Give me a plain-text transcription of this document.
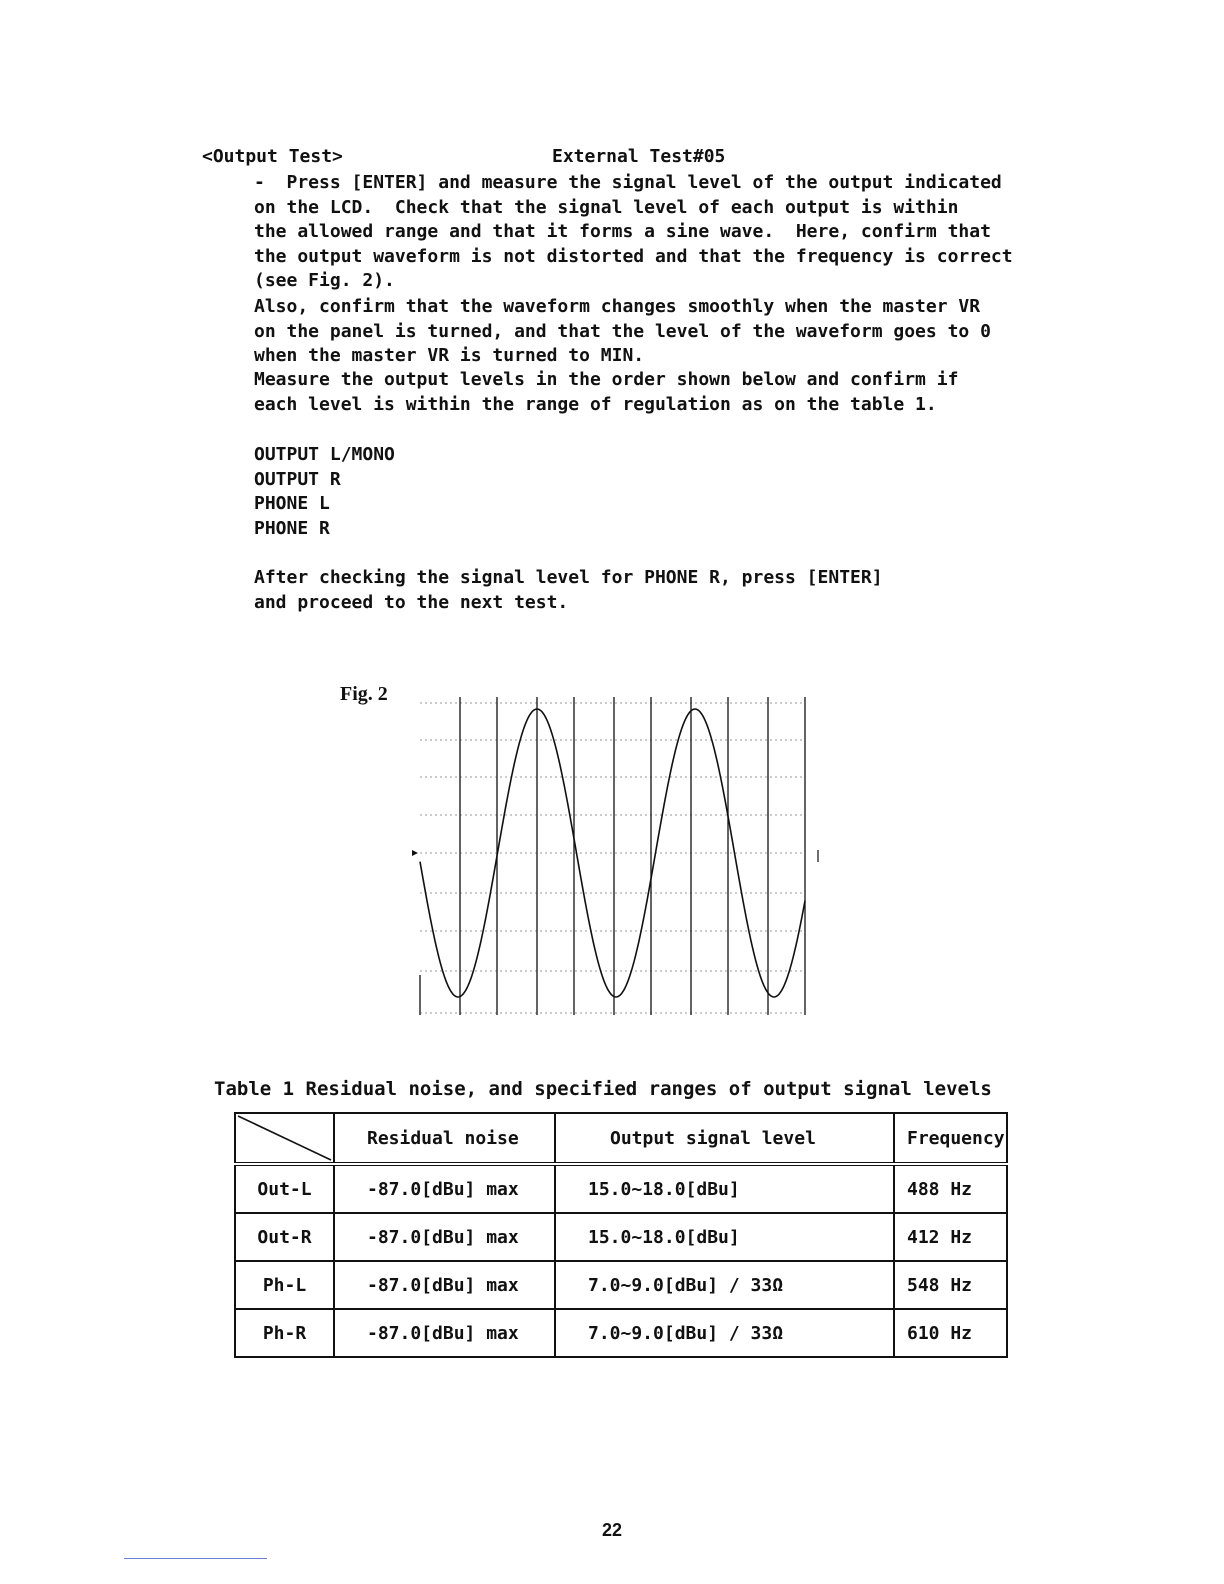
<Output Test>	External Test#05
-  Press [ENTER] and measure the signal level of the output indicated
on the LCD.  Check that the signal level of each output is within
the allowed range and that it forms a sine wave.  Here, confirm that
the output waveform is not distorted and that the frequency is correct
(see Fig. 2).
Also, confirm that the waveform changes smoothly when the master VR
on the panel is turned, and that the level of the waveform goes to 0
when the master VR is turned to MIN.
Measure the output levels in the order shown below and confirm if
each level is within the range of regulation as on the table 1.
OUTPUT L/MONO
OUTPUT R
PHONE L
PHONE R
After checking the signal level for PHONE R, press [ENTER]
and proceed to the next test.
Fig. 2
Table 1 Residual noise, and specified ranges of output signal levels
	Residual noise	Output signal level	Frequency
Out-L	-87.0[dBu] max	15.0~18.0[dBu]	488 Hz
Out-R	-87.0[dBu] max	15.0~18.0[dBu]	412 Hz
Ph-L	-87.0[dBu] max	7.0~9.0[dBu] / 33Ω	548 Hz
Ph-R	-87.0[dBu] max	7.0~9.0[dBu] / 33Ω	610 Hz
22
